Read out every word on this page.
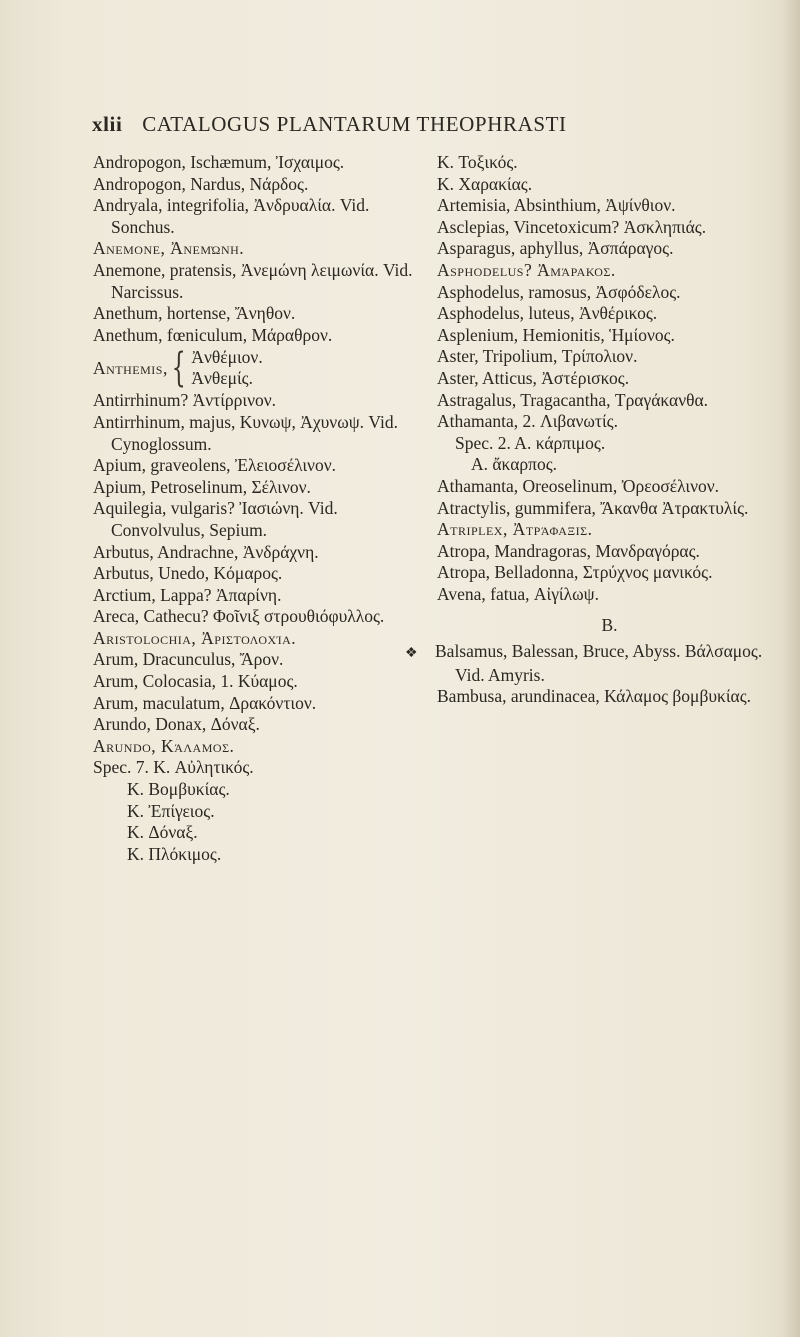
xlii CATALOGUS PLANTARUM THEOPHRASTI

Andropogon, Ischæmum, Ἰσχαιμος.

Andropogon, Nardus, Νάρδος.

Andryala, integrifolia, Ἀνδρυαλία. Vid. Sonchus.

Anemone, Ἀνεμώνη.

Anemone, pratensis, Ἀνεμώνη λειμωνία. Vid. Narcissus.

Anethum, hortense, Ἄνηθον.

Anethum, fœniculum, Μάραθρον.

Anthemis, { Ἀνθέμιον.
Ἀνθεμίς.

Antirrhinum? Ἀντίρρινον.

Antirrhinum, majus, Κυνωψ, Ἀχυνωψ. Vid. Cynoglossum.

Apium, graveolens, Ἐλειοσέλινον.

Apium, Petroselinum, Σέλινον.

Aquilegia, vulgaris? Ἰασιώνη. Vid. Convolvulus, Sepium.

Arbutus, Andrachne, Ἀνδράχνη.

Arbutus, Unedo, Κόμαρος.

Arctium, Lappa? Ἀπαρίνη.

Areca, Cathecu? Φοῖνιξ στρουθιόφυλλος.

Aristolochia, Ἀριστολοχία.

Arum, Dracunculus, Ἄρον.

Arum, Colocasia, 1. Κύαμος.

Arum, maculatum, Δρακόντιον.

Arundo, Donax, Δόναξ.

Arundo, Κάλαμος.

Spec. 7. K. Αὐλητικός.

K. Βομβυκίας.

K. Ἐπίγειος.

K. Δόναξ.

K. Πλόκιμος.

K. Τοξικός.

K. Χαρακίας.

Artemisia, Absinthium, Ἀψίνθιον.

Asclepias, Vincetoxicum? Ἀσκληπιάς.

Asparagus, aphyllus, Ἀσπάραγος.

Asphodelus? Ἀμάρακος.

Asphodelus, ramosus, Ἀσφόδελος.

Asphodelus, luteus, Ἀνθέρικος.

Asplenium, Hemionitis, Ἡμίονος.

Aster, Tripolium, Τρίπολιον.

Aster, Atticus, Ἀστέρισκος.

Astragalus, Tragacantha, Τραγάκανθα.

Athamanta, 2. Λιβανωτίς.

Spec. 2. A. κάρπιμος.

A. ἄκαρπος.

Athamanta, Oreoselinum, Ὀρεοσέλινον.

Atractylis, gummifera, Ἄκανθα Ἀτρακτυλίς.

Atriplex, Ἀτράφαξις.

Atropa, Mandragoras, Μανδραγόρας.

Atropa, Belladonna, Στρύχνος μανικός.

Avena, fatua, Αἰγίλωψ.

B.

❖ Balsamus, Balessan, Bruce, Abyss. Βάλσαμος. Vid. Amyris.

Bambusa, arundinacea, Κάλαμος βομβυκίας.
